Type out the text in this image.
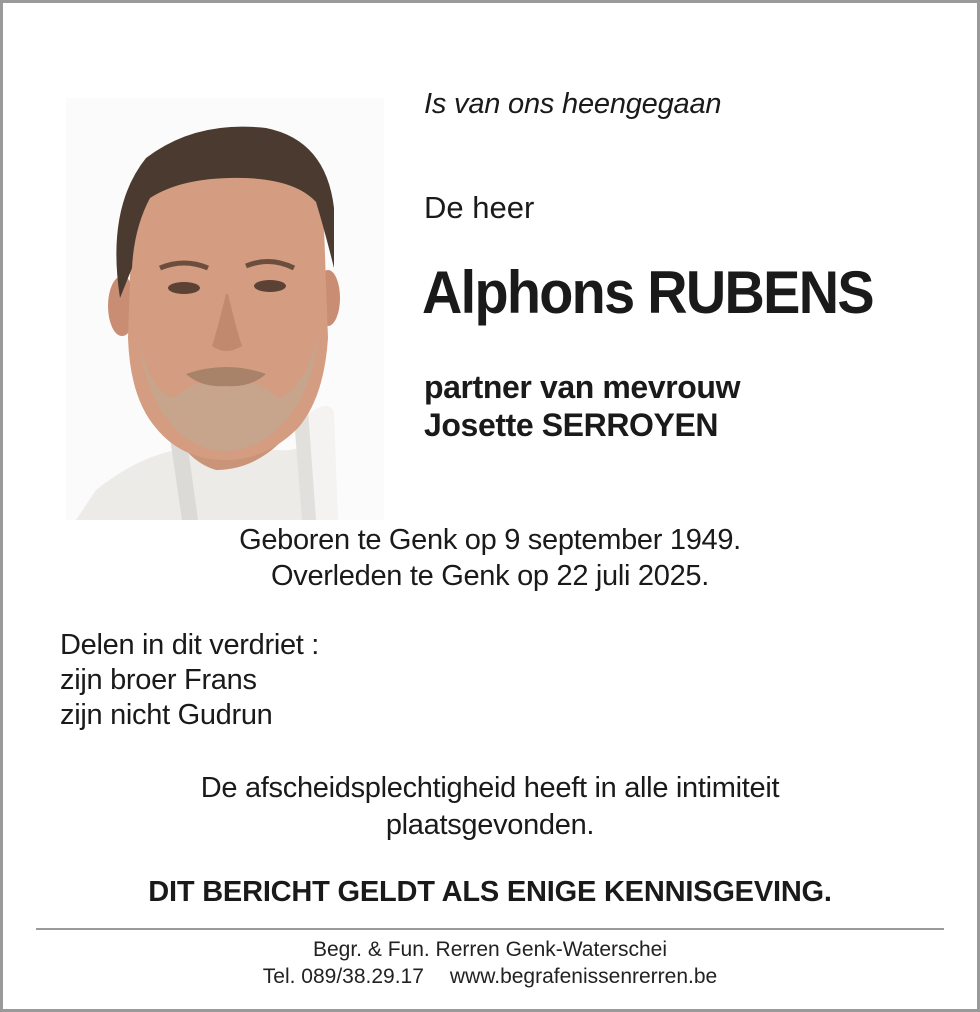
Is van ons heengegaan
De heer
Alphons RUBENS
partner van mevrouw
Josette SERROYEN
Geboren te Genk op 9 september 1949.
Overleden te Genk op 22 juli 2025.
Delen in dit verdriet :
zijn broer Frans
zijn nicht Gudrun
De afscheidsplechtigheid heeft in alle intimiteit
plaatsgevonden.
DIT BERICHT GELDT ALS ENIGE KENNISGEVING.
Begr. & Fun. Rerren Genk-Waterschei
Tel. 089/38.29.17 www.begrafenissenrerren.be
